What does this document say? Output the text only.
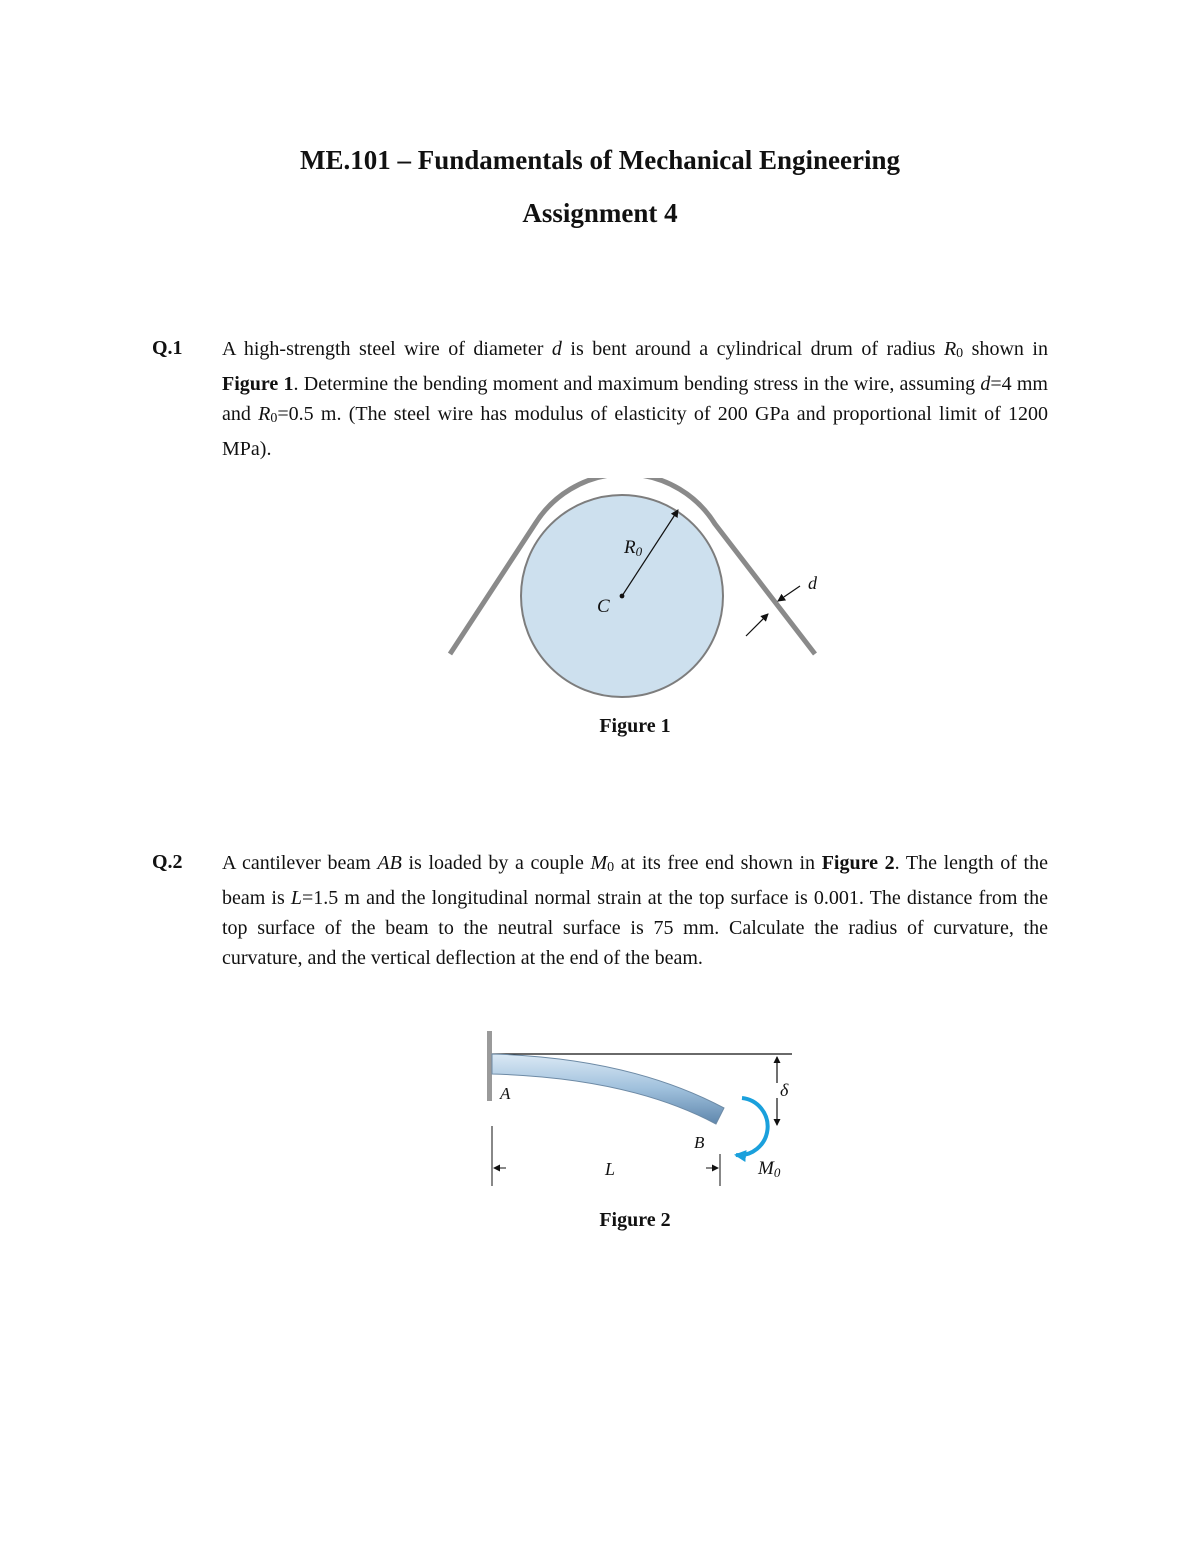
ME.101 – Fundamentals of Mechanical Engineering
Assignment 4
Q.1 A high-strength steel wire of diameter d is bent around a cylindrical drum of radius $R_0$ shown in Figure 1. Determine the bending moment and maximum bending stress in the wire, assuming d=4 mm and $R_0=0.5$ m. (The steel wire has modulus of elasticity of 200 GPa and proportional limit of 1200 MPa).
R0
C
d
Figure 1
Q.2 A cantilever beam AB is loaded by a couple $M_0$ at its free end shown in Figure 2. The length of the beam is L=1.5 m and the longitudinal normal strain at the top surface is 0.001. The distance from the top surface of the beam to the neutral surface is 75 mm. Calculate the radius of curvature, the curvature, and the vertical deflection at the end of the beam.
A
B
L
δ
M0
Figure 2
